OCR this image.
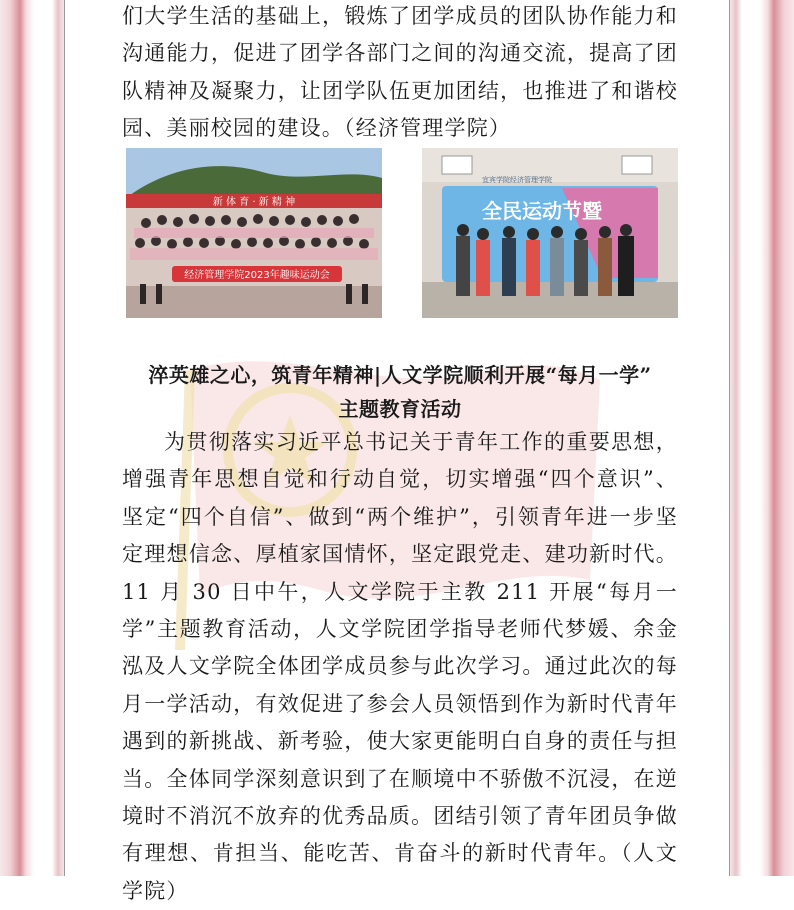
们大学生活的基础上，锻炼了团学成员的团队协作能力和沟通能力，促进了团学各部门之间的沟通交流，提高了团队精神及凝聚力，让团学队伍更加团结，也推进了和谐校园、美丽校园的建设。（经济管理学院）

新 体 育 · 新 精 神
经济管理学院2023年趣味运动会
宜宾学院经济管理学院
全民运动节暨
淬英雄之心，筑青年精神|人文学院顺利开展“每月一学”
主题教育活动

为贯彻落实习近平总书记关于青年工作的重要思想，增强青年思想自觉和行动自觉，切实增强“四个意识”、坚定“四个自信”、做到“两个维护”，引领青年进一步坚定理想信念、厚植家国情怀，坚定跟党走、建功新时代。11 月 30 日中午，人文学院于主教 211 开展“每月一学”主题教育活动，人文学院团学指导老师代梦媛、余金泓及人文学院全体团学成员参与此次学习。通过此次的每月一学活动，有效促进了参会人员领悟到作为新时代青年遇到的新挑战、新考验，使大家更能明白自身的责任与担当。全体同学深刻意识到了在顺境中不骄傲不沉浸，在逆境时不消沉不放弃的优秀品质。团结引领了青年团员争做有理想、肯担当、能吃苦、肯奋斗的新时代青年。（人文学院）
